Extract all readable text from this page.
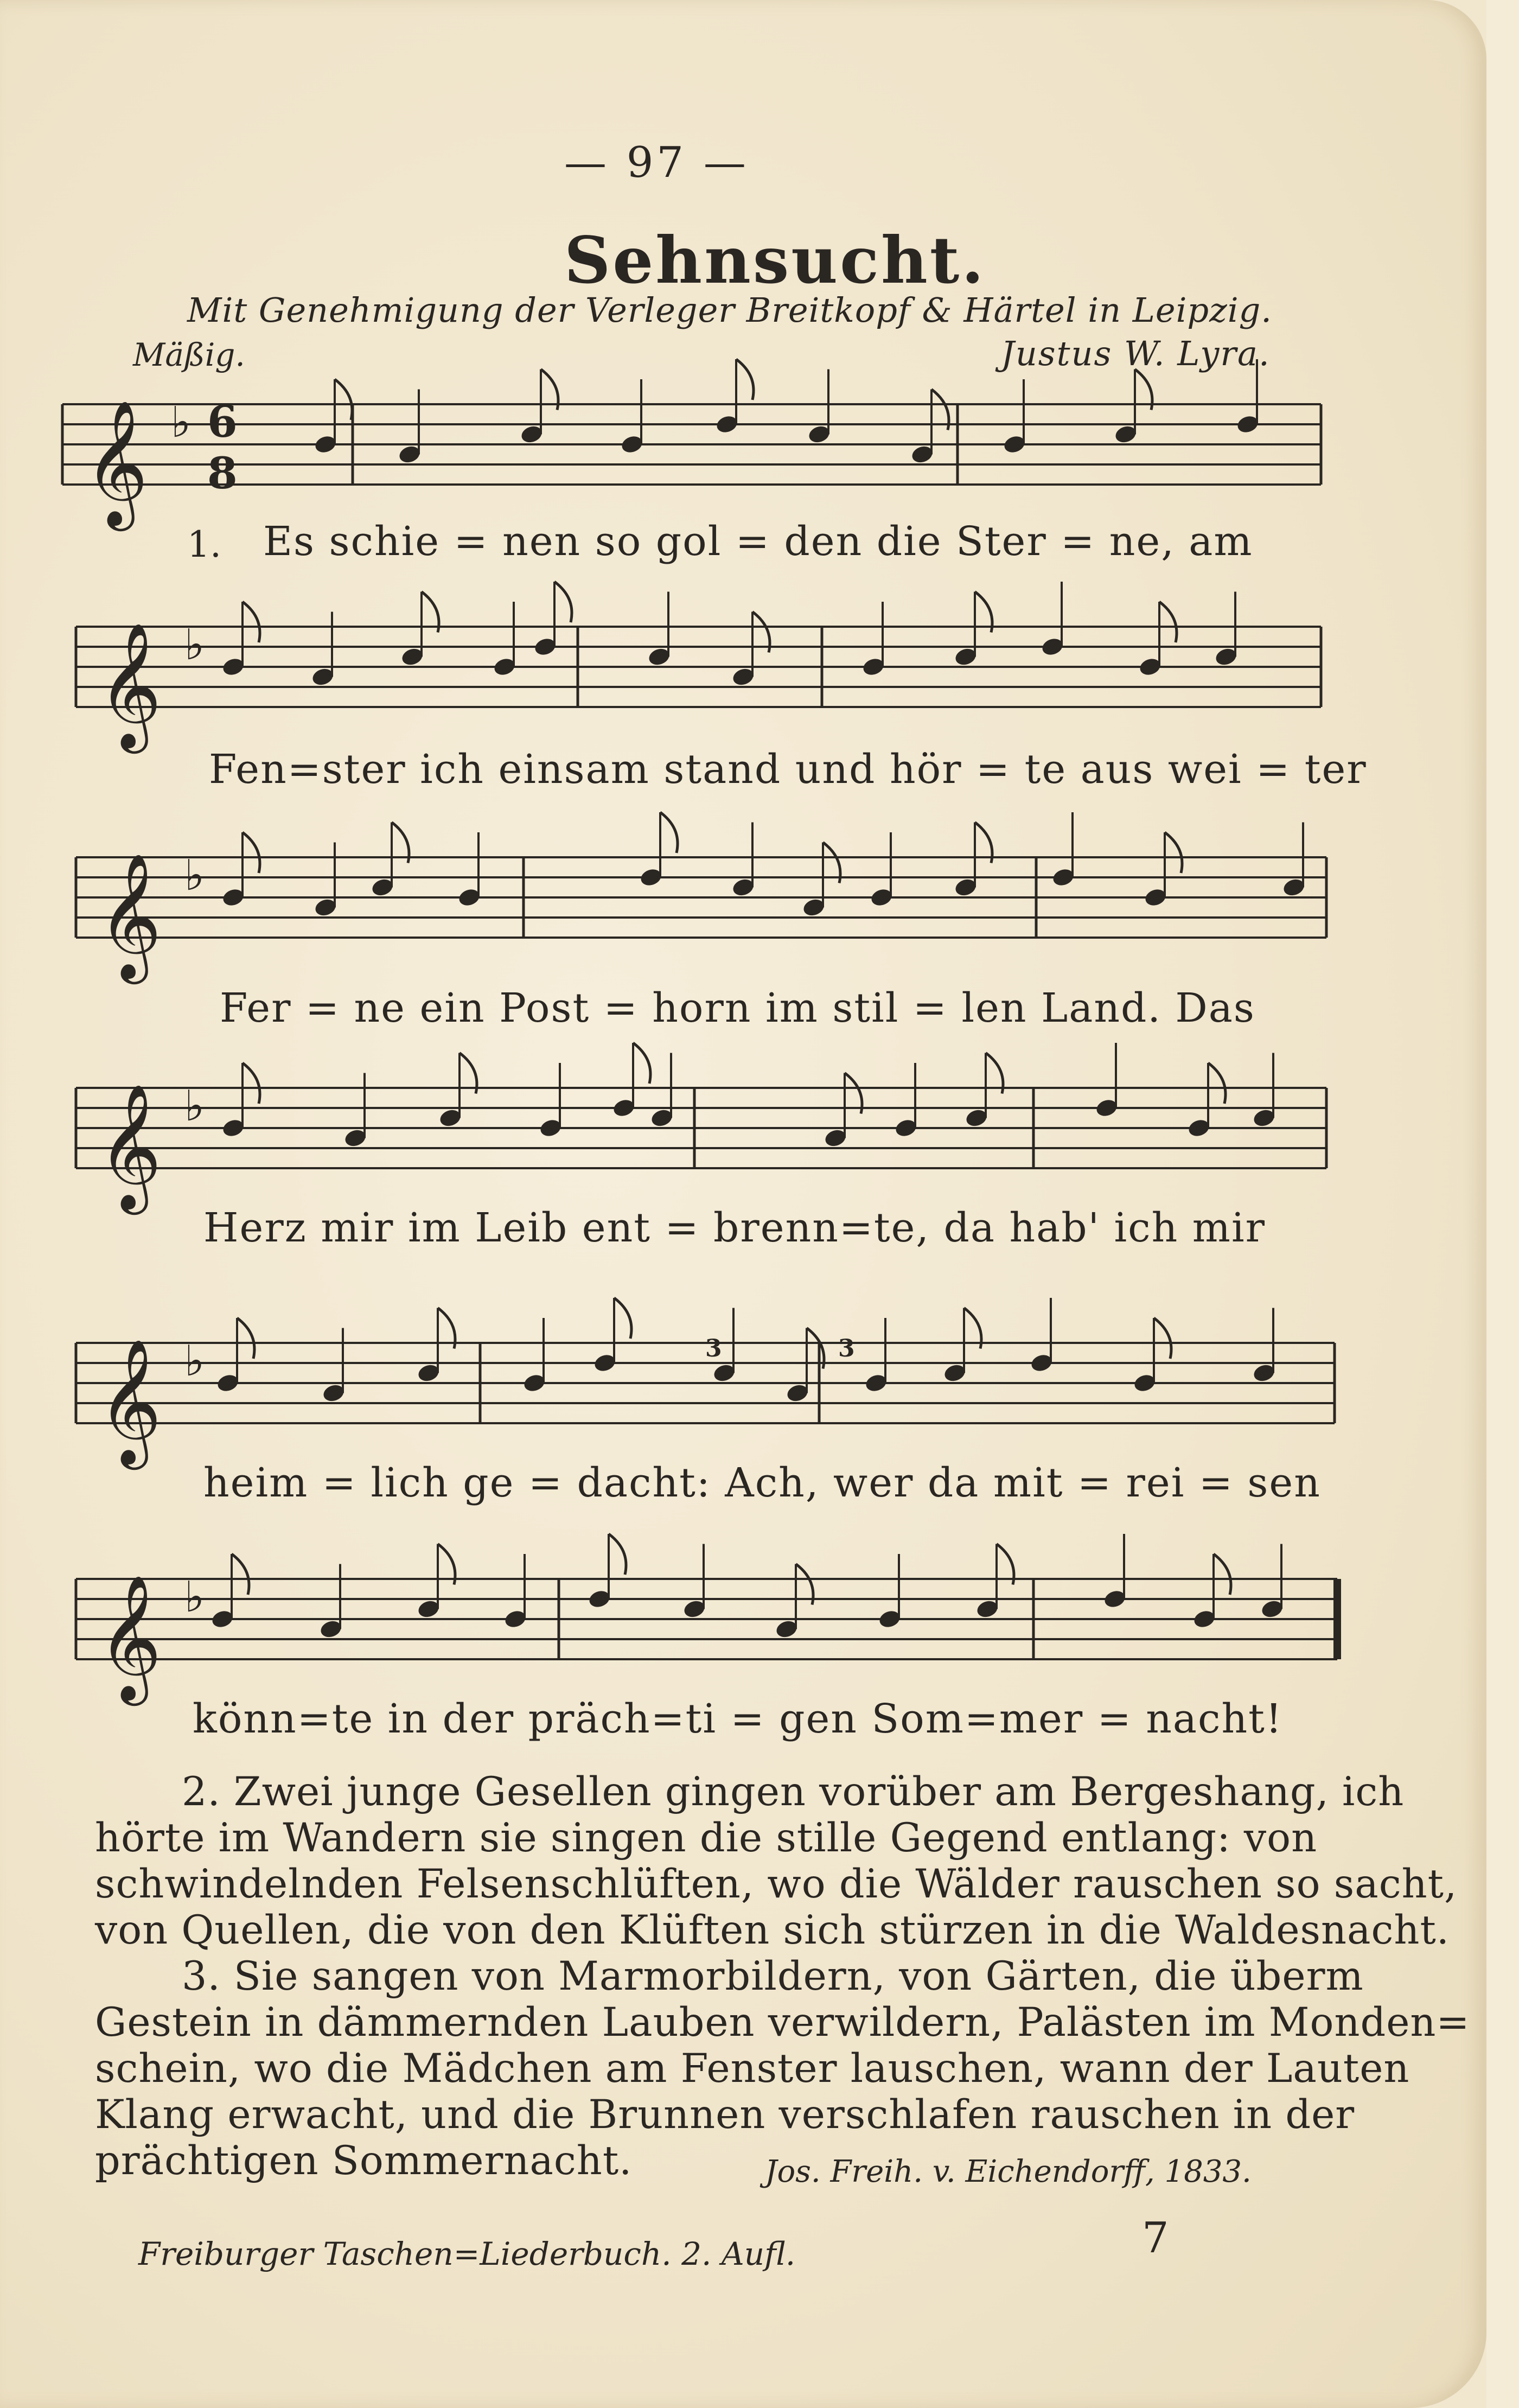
— 97 —
Sehnsucht.
Mit Genehmigung der Verleger Breitkopf & Härtel in Leipzig.
Mäßig.	Justus W. Lyra.
𝄞 ♭
𝄞 ♭
𝄞 ♭
𝄞 ♭
𝄞 ♭
𝄞 ♭
6
8
3	3
1. Es schie = nen so gol = den die Ster = ne, am
Fen=ster ich einsam stand und hör = te aus wei = ter
Fer = ne ein Post = horn im stil = len Land. Das
Herz mir im Leib ent = brenn=te, da hab' ich mir
heim = lich ge = dacht: Ach, wer da mit = rei = sen
könn=te in der präch=ti = gen Som=mer = nacht!
2. Zwei junge Gesellen gingen vorüber am Bergeshang, ich
hörte im Wandern sie singen die stille Gegend entlang: von
schwindelnden Felsenschlüften, wo die Wälder rauschen so sacht,
von Quellen, die von den Klüften sich stürzen in die Waldesnacht.
3. Sie sangen von Marmorbildern, von Gärten, die überm
Gestein in dämmernden Lauben verwildern, Palästen im Monden=
schein, wo die Mädchen am Fenster lauschen, wann der Lauten
Klang erwacht, und die Brunnen verschlafen rauschen in der
prächtigen Sommernacht.	Jos. Freih. v. Eichendorff, 1833.
Freiburger Taschen=Liederbuch. 2. Aufl.	7
